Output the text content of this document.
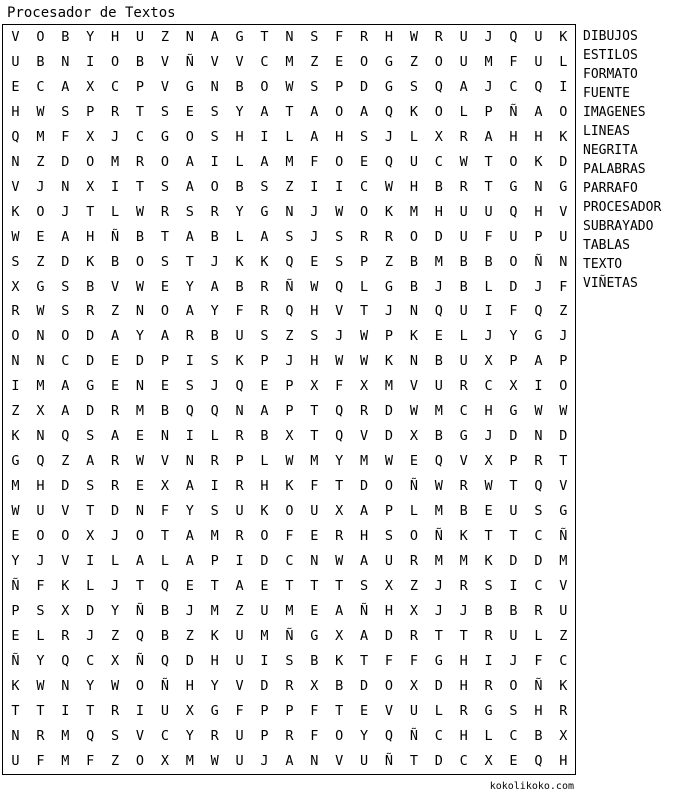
Procesador de Textos
V	O	B	Y	H	U	Z	N	A	G	T	N	S	F	R	H	W	R	U	J	Q	U	K
U	B	N	I	O	B	V	Ñ	V	V	C	M	Z	E	O	G	Z	O	U	M	F	U	L
E	C	A	X	C	P	V	G	N	B	O	W	S	P	D	G	S	Q	A	J	C	Q	I
H	W	S	P	R	T	S	E	S	Y	A	T	A	O	A	Q	K	O	L	P	Ñ	A	O
Q	M	F	X	J	C	G	O	S	H	I	L	A	H	S	J	L	X	R	A	H	H	K
N	Z	D	O	M	R	O	A	I	L	A	M	F	O	E	Q	U	C	W	T	O	K	D
V	J	N	X	I	T	S	A	O	B	S	Z	I	I	C	W	H	B	R	T	G	N	G
K	O	J	T	L	W	R	S	R	Y	G	N	J	W	O	K	M	H	U	U	Q	H	V
W	E	A	H	Ñ	B	T	A	B	L	A	S	J	S	R	R	O	D	U	F	U	P	U
S	Z	D	K	B	O	S	T	J	K	K	Q	E	S	P	Z	B	M	B	B	O	Ñ	N
X	G	S	B	V	W	E	Y	A	B	R	Ñ	W	Q	L	G	B	J	B	L	D	J	F
R	W	S	R	Z	N	O	A	Y	F	R	Q	H	V	T	J	N	Q	U	I	F	Q	Z
O	N	O	D	A	Y	A	R	B	U	S	Z	S	J	W	P	K	E	L	J	Y	G	J
N	N	C	D	E	D	P	I	S	K	P	J	H	W	W	K	N	B	U	X	P	A	P
I	M	A	G	E	N	E	S	J	Q	E	P	X	F	X	M	V	U	R	C	X	I	O
Z	X	A	D	R	M	B	Q	Q	N	A	P	T	Q	R	D	W	M	C	H	G	W	W
K	N	Q	S	A	E	N	I	L	R	B	X	T	Q	V	D	X	B	G	J	D	N	D
G	Q	Z	A	R	W	V	N	R	P	L	W	M	Y	M	W	E	Q	V	X	P	R	T
M	H	D	S	R	E	X	A	I	R	H	K	F	T	D	O	Ñ	W	R	W	T	Q	V
W	U	V	T	D	N	F	Y	S	U	K	O	U	X	A	P	L	M	B	E	U	S	G
E	O	O	X	J	O	T	A	M	R	O	F	E	R	H	S	O	Ñ	K	T	T	C	Ñ
Y	J	V	I	L	A	L	A	P	I	D	C	N	W	A	U	R	M	M	K	D	D	M
Ñ	F	K	L	J	T	Q	E	T	A	E	T	T	T	S	X	Z	J	R	S	I	C	V
P	S	X	D	Y	Ñ	B	J	M	Z	U	M	E	A	Ñ	H	X	J	J	B	B	R	U
E	L	R	J	Z	Q	B	Z	K	U	M	Ñ	G	X	A	D	R	T	T	R	U	L	Z
Ñ	Y	Q	C	X	Ñ	Q	D	H	U	I	S	B	K	T	F	F	G	H	I	J	F	C
K	W	N	Y	W	O	Ñ	H	Y	V	D	R	X	B	D	O	X	D	H	R	O	Ñ	K
T	T	I	T	R	I	U	X	G	F	P	P	F	T	E	V	U	L	R	G	S	H	R
N	R	M	Q	S	V	C	Y	R	U	P	R	F	O	Y	Q	Ñ	C	H	L	C	B	X
U	F	M	F	Z	O	X	M	W	U	J	A	N	V	U	Ñ	T	D	C	X	E	Q	H
DIBUJOS
ESTILOS
FORMATO
FUENTE
IMAGENES
LINEAS
NEGRITA
PALABRAS
PARRAFO
PROCESADOR
SUBRAYADO
TABLAS
TEXTO
VIÑETAS
kokolikoko.com
